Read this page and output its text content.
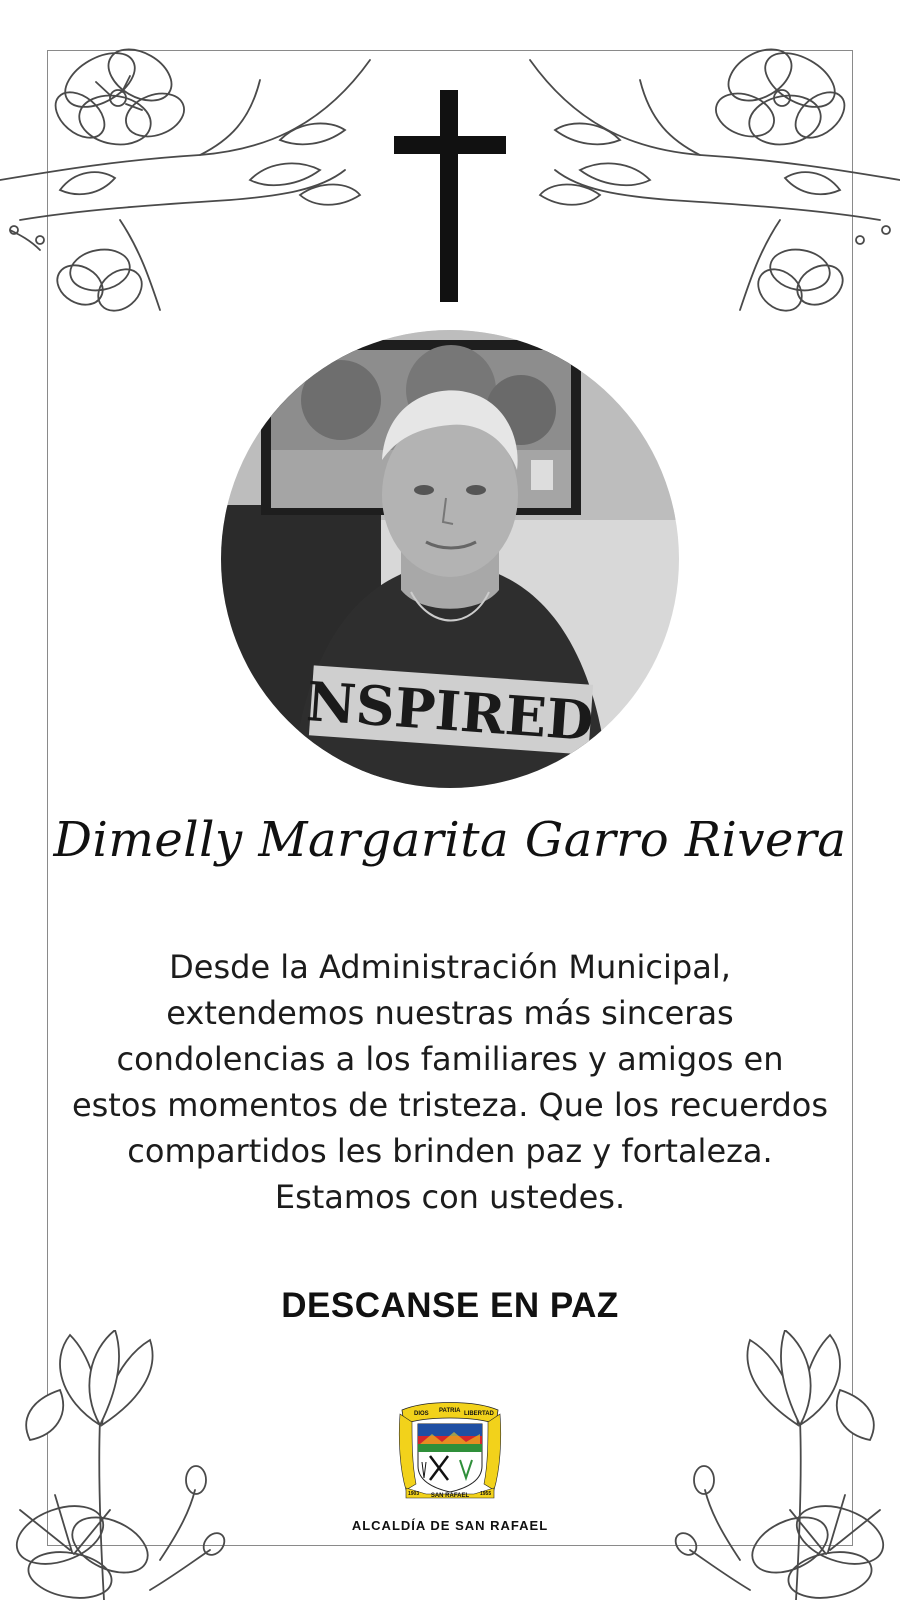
NSPIRED
Dimelly Margarita Garro Rivera
Desde la Administración Municipal, extendemos nuestras más sinceras condolencias a los familiares y amigos en estos momentos de tristeza. Que los recuerdos compartidos les brinden paz y fortaleza. Estamos con ustedes.
DESCANSE EN PAZ
DIOS PATRIA LIBERTAD
1903 SAN RAFAEL 1955
ALCALDÍA DE SAN RAFAEL
